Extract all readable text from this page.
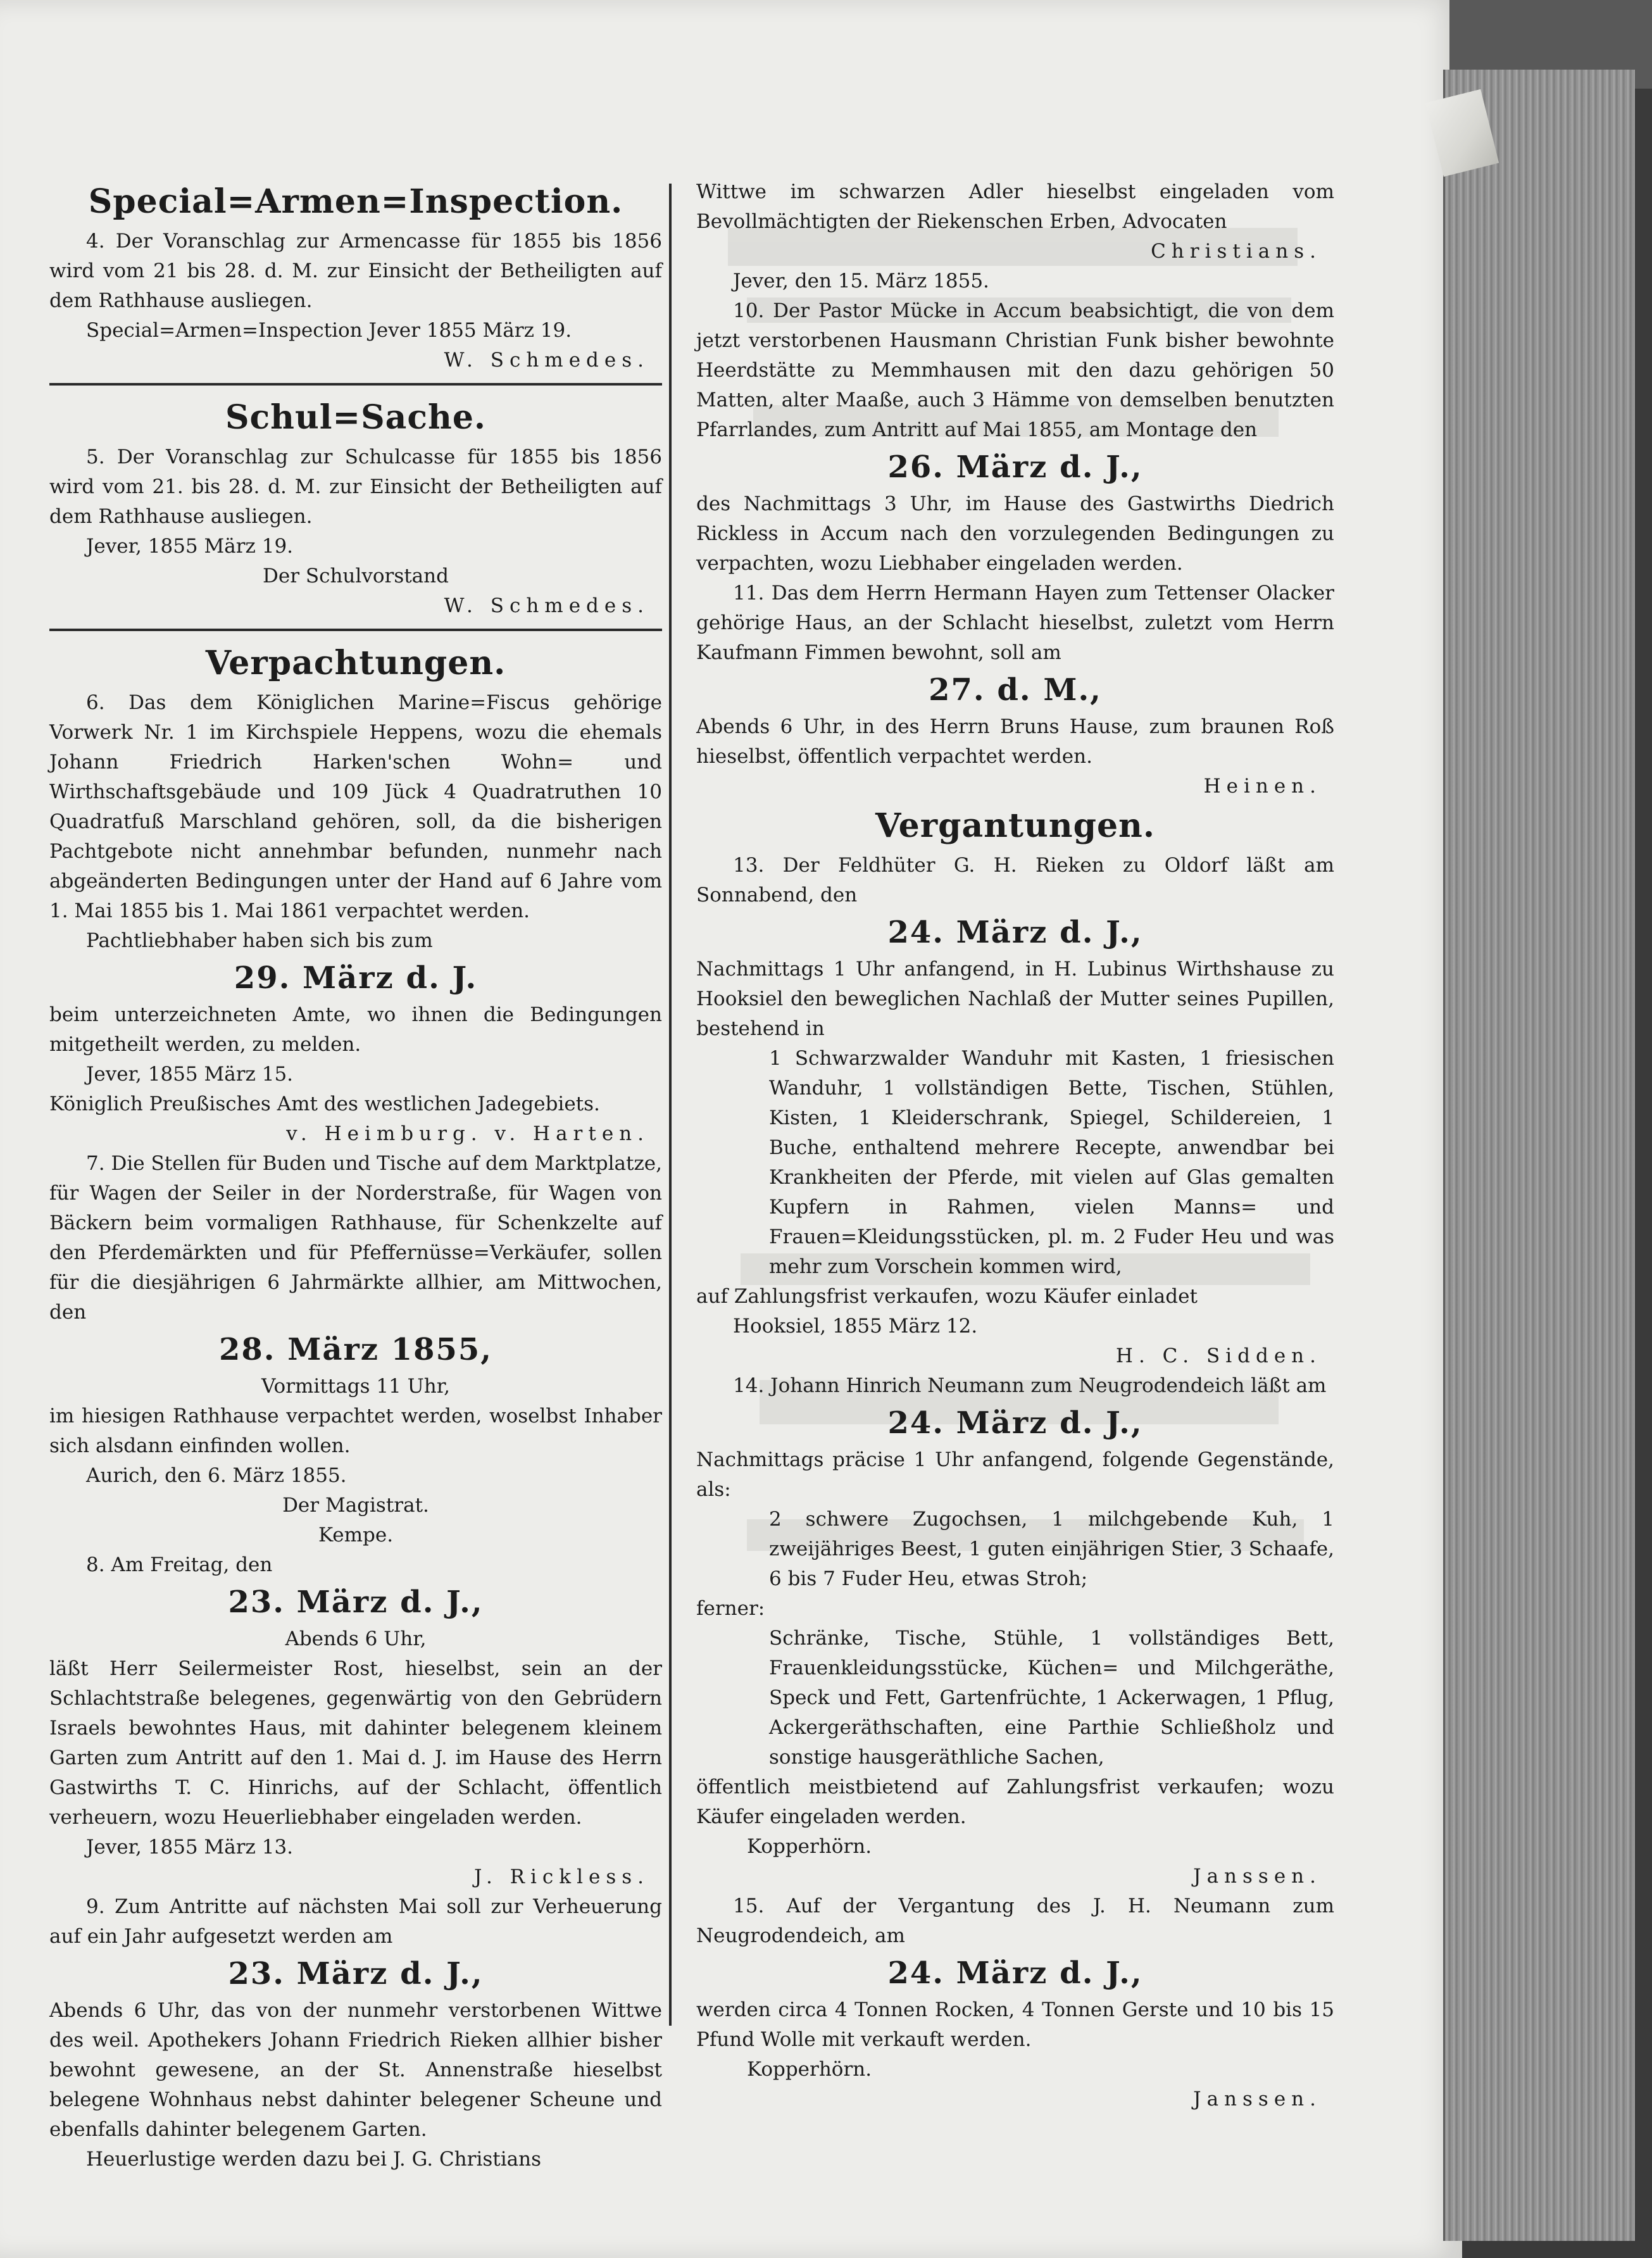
Special=Armen=Inspection.

4. Der Voranschlag zur Armencasse für 1855 bis 1856 wird vom 21 bis 28. d. M. zur Einsicht der Betheiligten auf dem Rathhause ausliegen.

Special=Armen=Inspection Jever 1855 März 19.

W. Schmedes.

Schul=Sache.

5. Der Voranschlag zur Schulcasse für 1855 bis 1856 wird vom 21. bis 28. d. M. zur Einsicht der Betheiligten auf dem Rathhause ausliegen.

Jever, 1855 März 19.

Der Schulvorstand

W. Schmedes.

Verpachtungen.

6. Das dem Königlichen Marine=Fiscus gehörige Vorwerk Nr. 1 im Kirchspiele Heppens, wozu die ehemals Johann Friedrich Harken'schen Wohn= und Wirthschaftsgebäude und 109 Jück 4 Quadratruthen 10 Quadratfuß Marschland gehören, soll, da die bisherigen Pachtgebote nicht annehmbar befunden, nunmehr nach abgeänderten Bedingungen unter der Hand auf 6 Jahre vom 1. Mai 1855 bis 1. Mai 1861 verpachtet werden.

Pachtliebhaber haben sich bis zum

29. März d. J.

beim unterzeichneten Amte, wo ihnen die Bedingungen mitgetheilt werden, zu melden.

Jever, 1855 März 15.

Königlich Preußisches Amt des westlichen Jadegebiets.

v. Heimburg. v. Harten.

7. Die Stellen für Buden und Tische auf dem Marktplatze, für Wagen der Seiler in der Norderstraße, für Wagen von Bäckern beim vormaligen Rathhause, für Schenkzelte auf den Pferdemärkten und für Pfeffernüsse=Verkäufer, sollen für die diesjährigen 6 Jahrmärkte allhier, am Mittwochen, den

28. März 1855,

Vormittags 11 Uhr,

im hiesigen Rathhause verpachtet werden, woselbst Inhaber sich alsdann einfinden wollen.

Aurich, den 6. März 1855.

Der Magistrat.

Kempe.

8. Am Freitag, den

23. März d. J.,

Abends 6 Uhr,

läßt Herr Seilermeister Rost, hieselbst, sein an der Schlachtstraße belegenes, gegenwärtig von den Gebrüdern Israels bewohntes Haus, mit dahinter belegenem kleinem Garten zum Antritt auf den 1. Mai d. J. im Hause des Herrn Gastwirths T. C. Hinrichs, auf der Schlacht, öffentlich verheuern, wozu Heuerliebhaber eingeladen werden.

Jever, 1855 März 13.

J. Rickless.

9. Zum Antritte auf nächsten Mai soll zur Verheuerung auf ein Jahr aufgesetzt werden am

23. März d. J.,

Abends 6 Uhr, das von der nunmehr verstorbenen Wittwe des weil. Apothekers Johann Friedrich Rieken allhier bisher bewohnt gewesene, an der St. Annenstraße hieselbst belegene Wohnhaus nebst dahinter belegener Scheune und ebenfalls dahinter belegenem Garten.

Heuerlustige werden dazu bei J. G. Christians

Wittwe im schwarzen Adler hieselbst eingeladen vom Bevollmächtigten der Riekenschen Erben, Advocaten

Christians.

Jever, den 15. März 1855.

10. Der Pastor Mücke in Accum beabsichtigt, die von dem jetzt verstorbenen Hausmann Christian Funk bisher bewohnte Heerdstätte zu Memmhausen mit den dazu gehörigen 50 Matten, alter Maaße, auch 3 Hämme von demselben benutzten Pfarrlandes, zum Antritt auf Mai 1855, am Montage den

26. März d. J.,

des Nachmittags 3 Uhr, im Hause des Gastwirths Diedrich Rickless in Accum nach den vorzulegenden Bedingungen zu verpachten, wozu Liebhaber eingeladen werden.

11. Das dem Herrn Hermann Hayen zum Tettenser Olacker gehörige Haus, an der Schlacht hieselbst, zuletzt vom Herrn Kaufmann Fimmen bewohnt, soll am

27. d. M.,

Abends 6 Uhr, in des Herrn Bruns Hause, zum braunen Roß hieselbst, öffentlich verpachtet werden.

Heinen.

Vergantungen.

13. Der Feldhüter G. H. Rieken zu Oldorf läßt am Sonnabend, den

24. März d. J.,

Nachmittags 1 Uhr anfangend, in H. Lubinus Wirthshause zu Hooksiel den beweglichen Nachlaß der Mutter seines Pupillen, bestehend in

1 Schwarzwalder Wanduhr mit Kasten, 1 friesischen Wanduhr, 1 vollständigen Bette, Tischen, Stühlen, Kisten, 1 Kleiderschrank, Spiegel, Schildereien, 1 Buche, enthaltend mehrere Recepte, anwendbar bei Krankheiten der Pferde, mit vielen auf Glas gemalten Kupfern in Rahmen, vielen Manns= und Frauen=Kleidungsstücken, pl. m. 2 Fuder Heu und was mehr zum Vorschein kommen wird,

auf Zahlungsfrist verkaufen, wozu Käufer einladet

Hooksiel, 1855 März 12.

H. C. Sidden.

14. Johann Hinrich Neumann zum Neugrodendeich läßt am

24. März d. J.,

Nachmittags präcise 1 Uhr anfangend, folgende Gegenstände, als:

2 schwere Zugochsen, 1 milchgebende Kuh, 1 zweijähriges Beest, 1 guten einjährigen Stier, 3 Schaafe, 6 bis 7 Fuder Heu, etwas Stroh;

ferner:

Schränke, Tische, Stühle, 1 vollständiges Bett, Frauenkleidungsstücke, Küchen= und Milchgeräthe, Speck und Fett, Gartenfrüchte, 1 Ackerwagen, 1 Pflug, Ackergeräthschaften, eine Parthie Schließholz und sonstige hausgeräthliche Sachen,

öffentlich meistbietend auf Zahlungsfrist verkaufen; wozu Käufer eingeladen werden.

Kopperhörn.

Janssen.

15. Auf der Vergantung des J. H. Neumann zum Neugrodendeich, am

24. März d. J.,

werden circa 4 Tonnen Rocken, 4 Tonnen Gerste und 10 bis 15 Pfund Wolle mit verkauft werden.

Kopperhörn.

Janssen.
